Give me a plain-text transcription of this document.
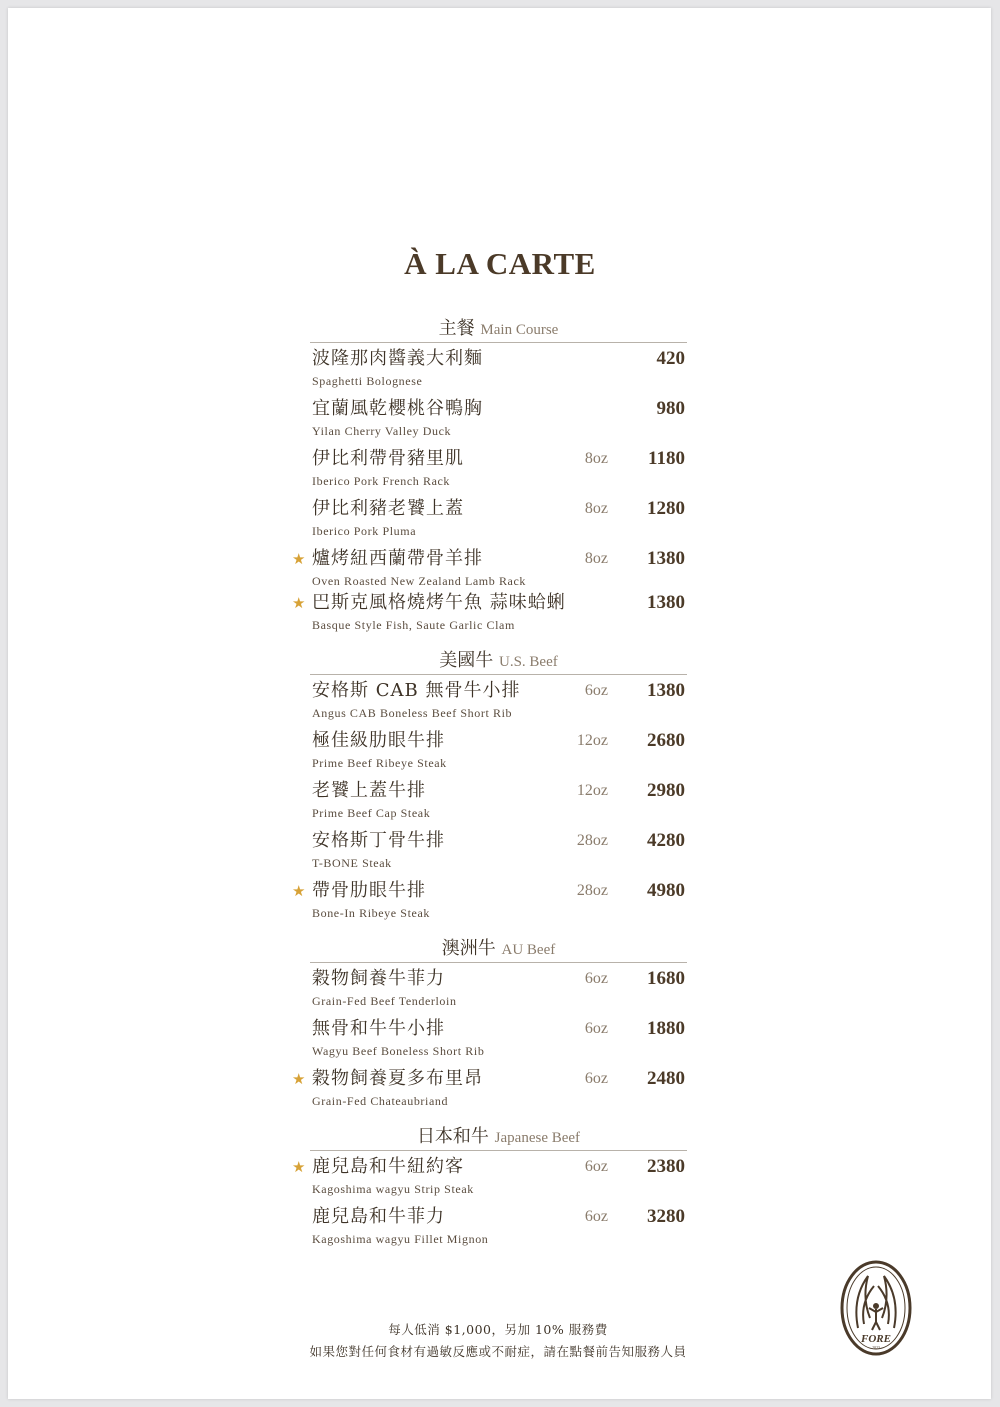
À LA CARTE
主餐 Main Course
波隆那肉醬義大利麵
Spaghetti Bolognese
420
宜蘭風乾櫻桃谷鴨胸
Yilan Cherry Valley Duck
980
伊比利帶骨豬里肌
Iberico Pork French Rack
8oz 1180
伊比利豬老饕上蓋
Iberico Pork Pluma
8oz 1280
★ 爐烤紐西蘭帶骨羊排
Oven Roasted New Zealand Lamb Rack
8oz 1380
★ 巴斯克風格燒烤午魚 蒜味蛤蜊
Basque Style Fish, Saute Garlic Clam
1380
美國牛 U.S. Beef
安格斯 CAB 無骨牛小排
Angus CAB Boneless Beef Short Rib
6oz 1380
極佳級肋眼牛排
Prime Beef Ribeye Steak
12oz 2680
老饕上蓋牛排
Prime Beef Cap Steak
12oz 2980
安格斯丁骨牛排
T-BONE Steak
28oz 4280
★ 帶骨肋眼牛排
Bone-In Ribeye Steak
28oz 4980
澳洲牛 AU Beef
穀物飼養牛菲力
Grain-Fed Beef Tenderloin
6oz 1680
無骨和牛牛小排
Wagyu Beef Boneless Short Rib
6oz 1880
★ 穀物飼養夏多布里昂
Grain-Fed Chateaubriand
6oz 2480
日本和牛 Japanese Beef
★ 鹿兒島和牛紐約客
Kagoshima wagyu Strip Steak
6oz 2380
鹿兒島和牛菲力
Kagoshima wagyu Fillet Mignon
6oz 3280
每人低消 $1,000，另加 10% 服務費
如果您對任何食材有過敏反應或不耐症，請在點餐前告知服務人員
FORE
2023
